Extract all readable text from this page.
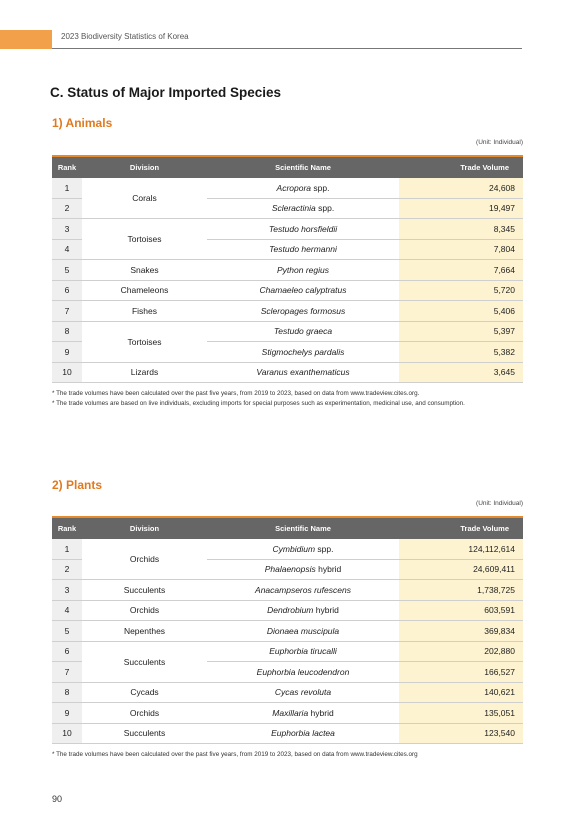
2023 Biodiversity Statistics of Korea
C. Status of Major Imported Species
1) Animals
(Unit: Individual)
Rank	Division	Scientific Name	Trade Volume
1	Corals	Acropora spp.	24,608
2		Scleractinia spp.	19,497
3	Tortoises	Testudo horsfieldii	8,345
4		Testudo hermanni	7,804
5	Snakes	Python regius	7,664
6	Chameleons	Chamaeleo calyptratus	5,720
7	Fishes	Scleropages formosus	5,406
8	Tortoises	Testudo graeca	5,397
9		Stigmochelys pardalis	5,382
10	Lizards	Varanus exanthematicus	3,645
* The trade volumes have been calculated over the past five years, from 2019 to 2023, based on data from www.tradeview.cites.org.
* The trade volumes are based on live individuals, excluding imports for special purposes such as experimentation, medicinal use, and consumption.
2) Plants
(Unit: Individual)
Rank	Division	Scientific Name	Trade Volume
1	Orchids	Cymbidium spp.	124,112,614
2		Phalaenopsis hybrid	24,609,411
3	Succulents	Anacampseros rufescens	1,738,725
4	Orchids	Dendrobium hybrid	603,591
5	Nepenthes	Dionaea muscipula	369,834
6	Succulents	Euphorbia tirucalli	202,880
7		Euphorbia leucodendron	166,527
8	Cycads	Cycas revoluta	140,621
9	Orchids	Maxillaria hybrid	135,051
10	Succulents	Euphorbia lactea	123,540
* The trade volumes have been calculated over the past five years, from 2019 to 2023, based on data from www.tradeview.cites.org
90
